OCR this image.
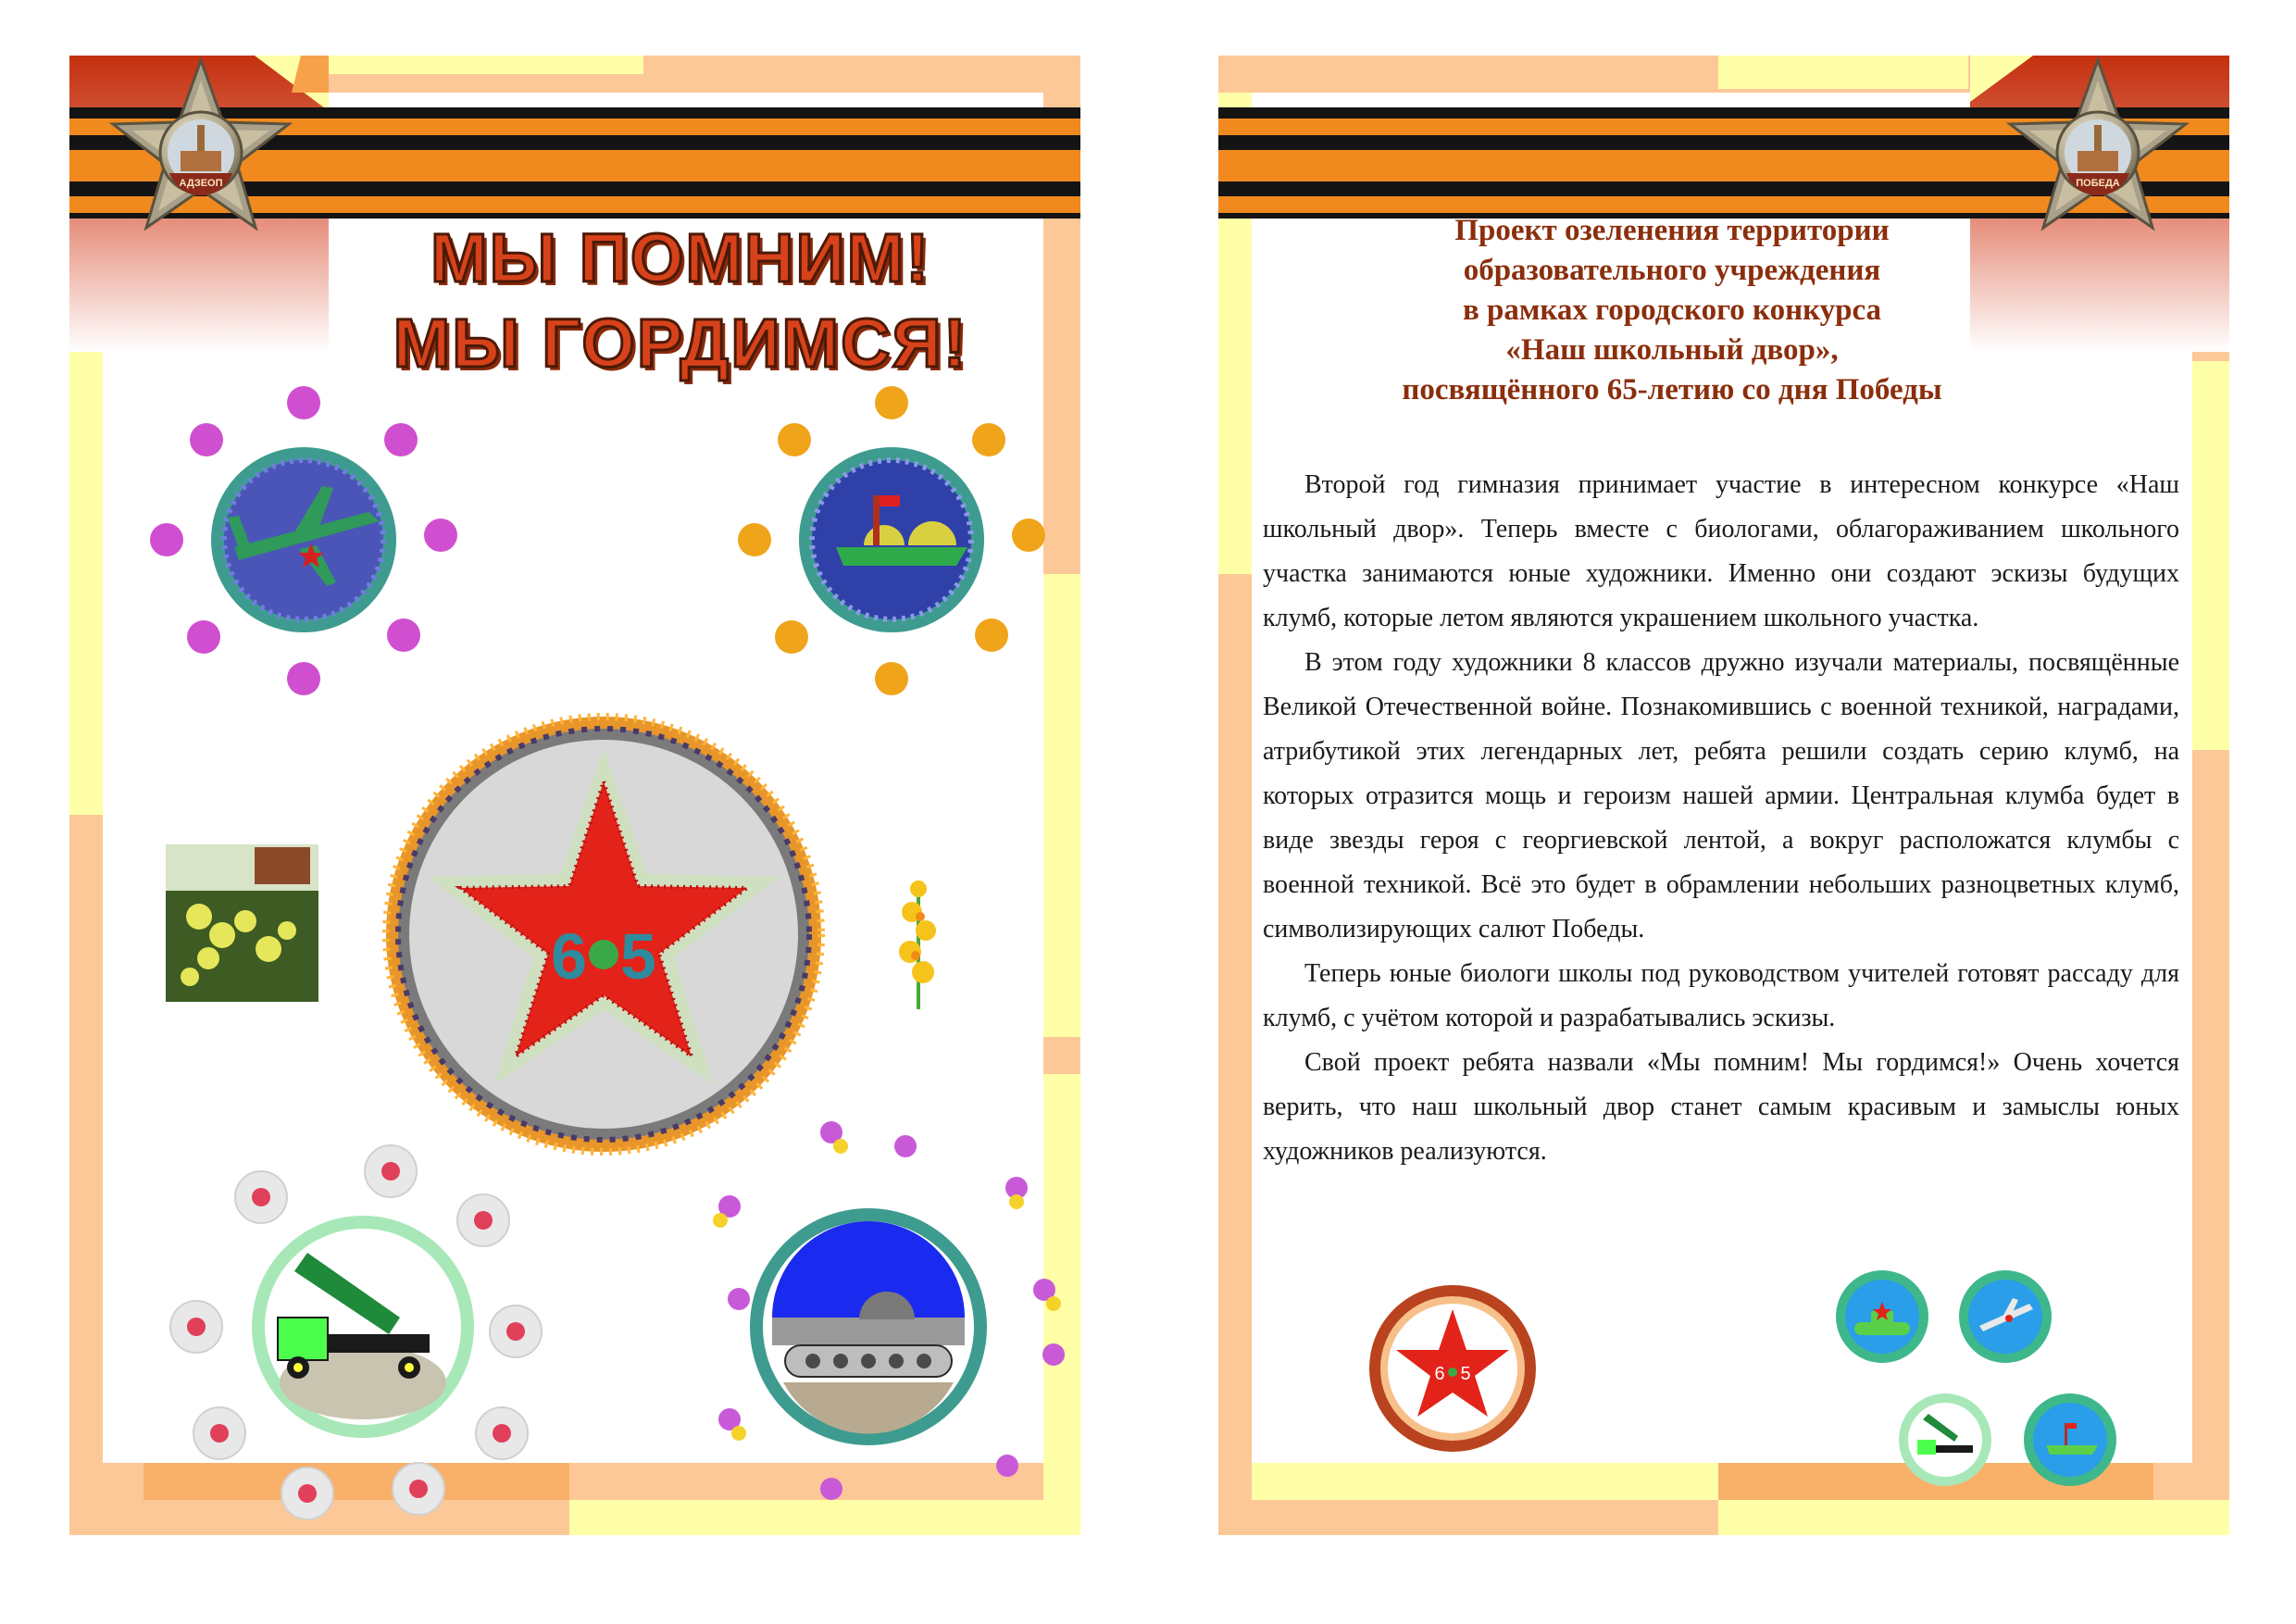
АДЗЕОП
МЫ ПОМНИМ!
МЫ ГОРДИМСЯ!
6 5
ПОБЕДА
Проект озеленения территории
образовательного учреждения
в рамках городского конкурса
«Наш школьный двор»,
посвящённого 65-летию со дня Победы

Второй год гимназия принимает участие в интересном конкурсе «Наш школьный двор». Теперь вместе с биологами, облагораживанием школьного участка занимаются юные художники. Именно они создают эскизы будущих клумб, которые летом являются украшением школьного участка.

В этом году художники 8 классов дружно изучали материалы, посвящённые Великой Отечественной войне. Познакомившись с военной техникой, наградами, атрибутикой этих легендарных лет, ребята решили создать серию клумб, на которых отразится мощь и героизм нашей армии. Центральная клумба будет в виде звезды героя с георгиевской лентой, а вокруг расположатся клумбы с военной техникой. Всё это будет в обрамлении небольших разноцветных клумб, символизирующих салют Победы.

Теперь юные биологи школы под руководством учителей готовят рассаду для клумб, с учётом которой и разрабатывались эскизы.

Свой проект ребята назвали «Мы помним! Мы гордимся!» Очень хочется верить, что наш школьный двор станет самым красивым и замыслы юных художников реализуются.

6 5
